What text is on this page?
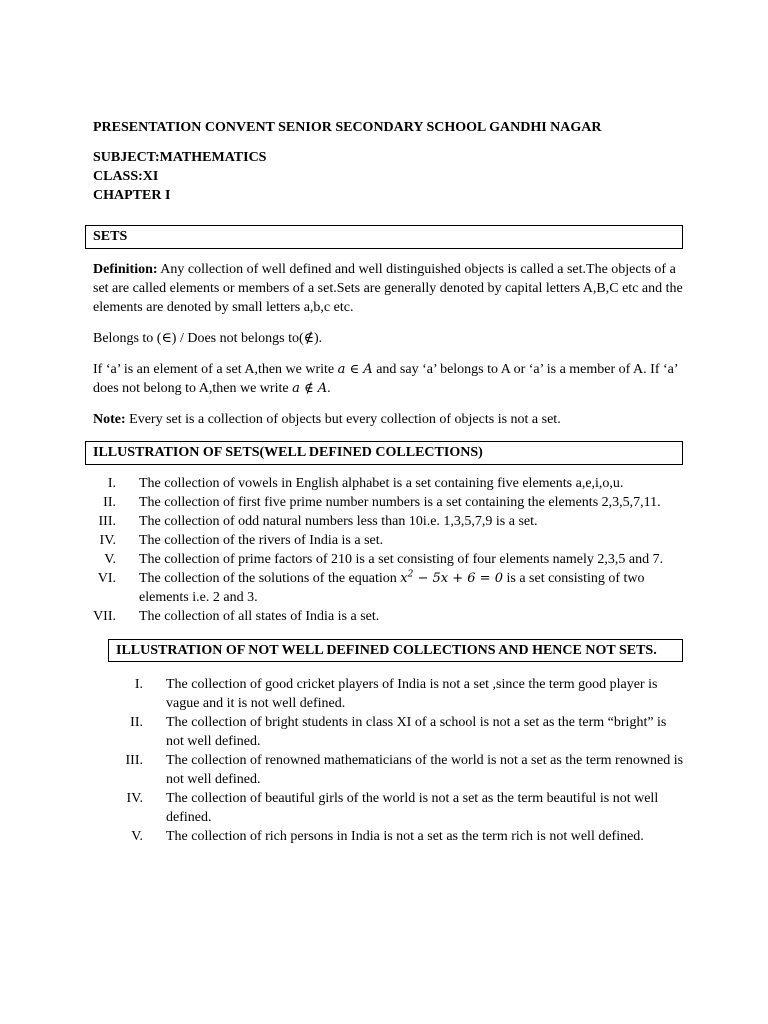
PRESENTATION CONVENT SENIOR SECONDARY SCHOOL GANDHI NAGAR

SUBJECT:MATHEMATICS

CLASS:XI

CHAPTER I

SETS

Definition: Any collection of well defined and well distinguished objects is called a set.The objects of a set are called elements or members of a set.Sets are generally denoted by capital letters A,B,C etc and the elements are denoted by small letters a,b,c etc.

Belongs to (∈) / Does not belongs to(∉).

If ‘a’ is an element of a set A,then we write a ∈ A and say ‘a’ belongs to A or ‘a’ is a member of A. If ‘a’ does not belong to A,then we write a ∉ A.

Note: Every set is a collection of objects but every collection of objects is not a set.

ILLUSTRATION OF SETS(WELL DEFINED COLLECTIONS)
I. The collection of vowels in English alphabet is a set containing five elements a,e,i,o,u.
II. The collection of first five prime number numbers is a set containing the elements 2,3,5,7,11.
III. The collection of odd natural numbers less than 10i.e. 1,3,5,7,9 is a set.
IV. The collection of the rivers of India is a set.
V. The collection of prime factors of 210 is a set consisting of four elements namely 2,3,5 and 7.
VI. The collection of the solutions of the equation $x^2 - 5x + 6 = 0$ is a set consisting of two elements i.e. 2 and 3.
VII. The collection of all states of India is a set.
ILLUSTRATION OF NOT WELL DEFINED COLLECTIONS AND HENCE NOT SETS.
I. The collection of good cricket players of India is not a set ,since the term good player is vague and it is not well defined.
II. The collection of bright students in class XI of a school is not a set as the term “bright” is not well defined.
III. The collection of renowned mathematicians of the world is not a set as the term renowned is not well defined.
IV. The collection of beautiful girls of the world is not a set as the term beautiful is not well defined.
V. The collection of rich persons in India is not a set as the term rich is not well defined.
